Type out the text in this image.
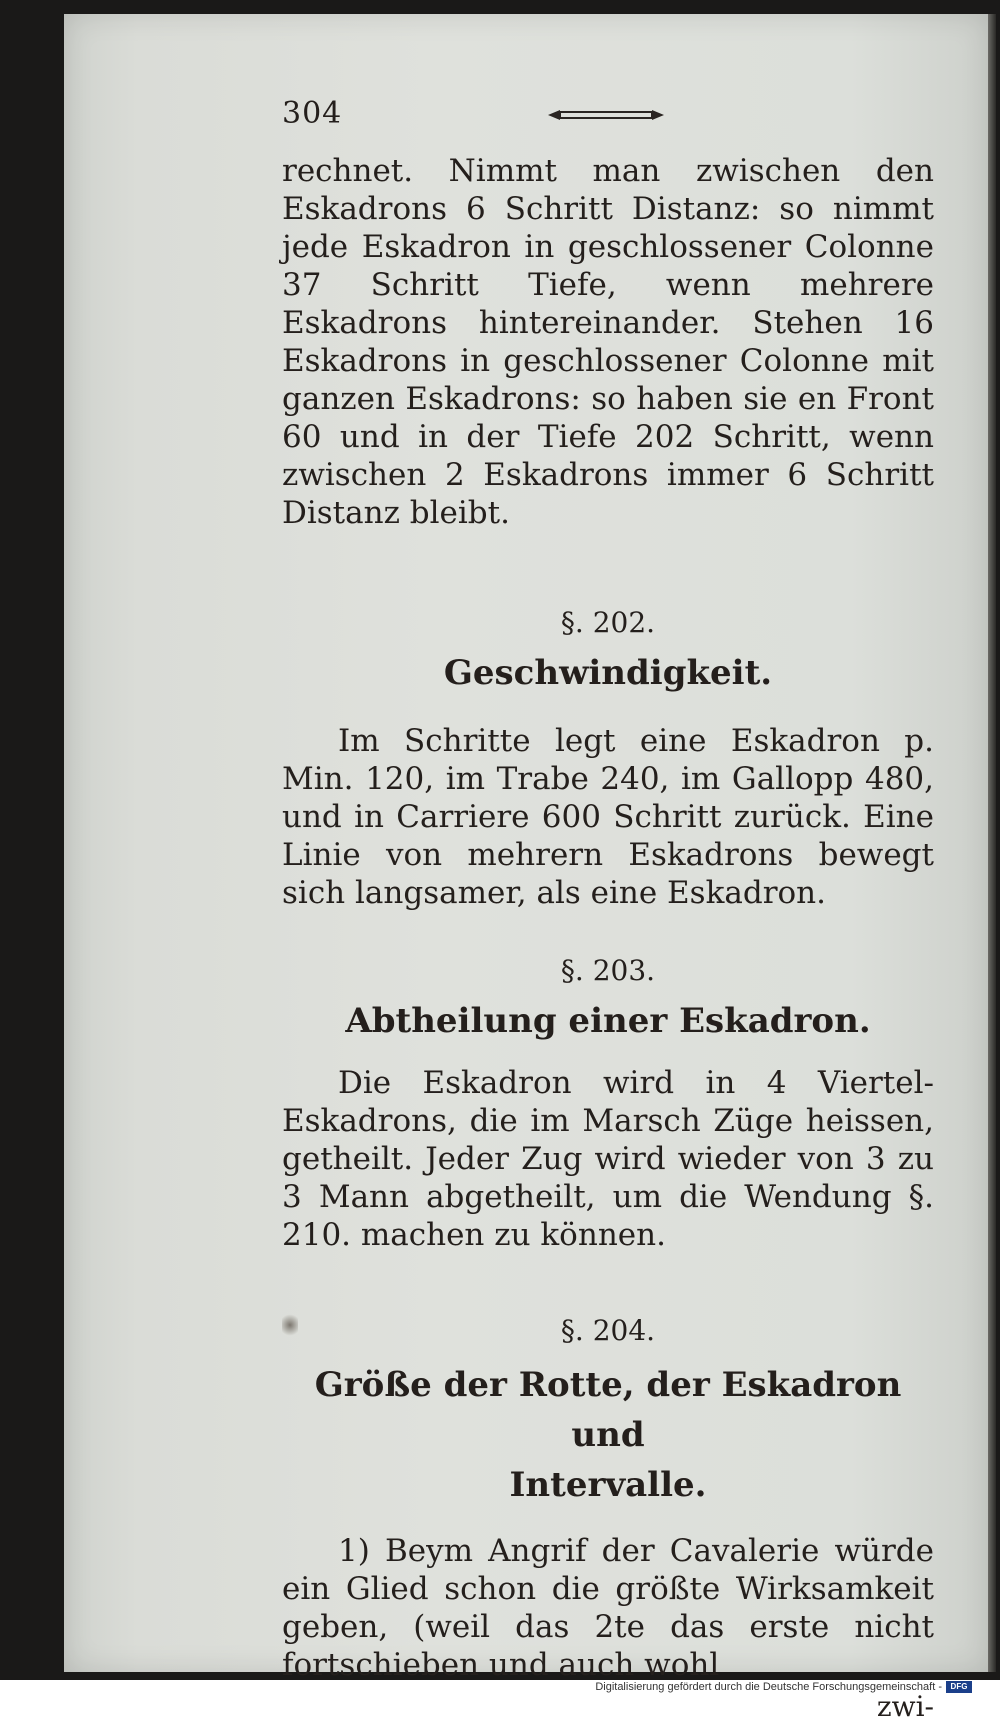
304

rechnet. Nimmt man zwischen den Eskadrons 6 Schritt Distanz: so nimmt jede Eskadron in geschlossener Colonne 37 Schritt Tiefe, wenn mehrere Eskadrons hintereinander. Stehen 16 Eskadrons in geschlossener Colonne mit ganzen Eskadrons: so haben sie en Front 60 und in der Tiefe 202 Schritt, wenn zwischen 2 Eskadrons immer 6 Schritt Distanz bleibt.

§. 202.

Geschwindigkeit.

Im Schritte legt eine Eskadron p. Min. 120, im Trabe 240, im Gallopp 480, und in Carriere 600 Schritt zurück. Eine Linie von mehrern Eskadrons bewegt sich langsamer, als eine Eskadron.

§. 203.

Abtheilung einer Eskadron.

Die Eskadron wird in 4 Viertel-Eskadrons, die im Marsch Züge heissen, getheilt. Jeder Zug wird wieder von 3 zu 3 Mann abgetheilt, um die Wendung §. 210. machen zu können.

§. 204.

Größe der Rotte, der Eskadron und
Intervalle.

1) Beym Angrif der Cavalerie würde ein Glied schon die größte Wirksamkeit geben, (weil das 2te das erste nicht fortschieben und auch wohl

zwi-

Digitalisierung gefördert durch die Deutsche Forschungsgemeinschaft -	DFG
